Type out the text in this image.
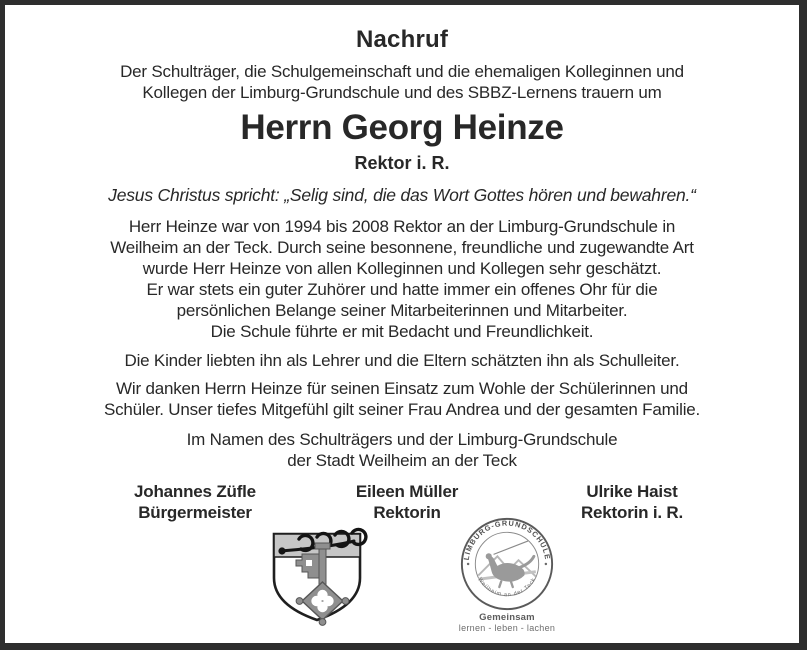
Nachruf
Der Schulträger, die Schulgemeinschaft und die ehemaligen Kolleginnen und
Kollegen der Limburg-Grundschule und des SBBZ-Lernens trauern um
Herrn Georg Heinze
Rektor i. R.
Jesus Christus spricht: „Selig sind, die das Wort Gottes hören und bewahren.“
Herr Heinze war von 1994 bis 2008 Rektor an der Limburg-Grundschule in
Weilheim an der Teck. Durch seine besonnene, freundliche und zugewandte Art
wurde Herr Heinze von allen Kolleginnen und Kollegen sehr geschätzt.
Er war stets ein guter Zuhörer und hatte immer ein offenes Ohr für die
persönlichen Belange seiner Mitarbeiterinnen und Mitarbeiter.
Die Schule führte er mit Bedacht und Freundlichkeit.
Die Kinder liebten ihn als Lehrer und die Eltern schätzten ihn als Schulleiter.
Wir danken Herrn Heinze für seinen Einsatz zum Wohle der Schülerinnen und
Schüler. Unser tiefes Mitgefühl gilt seiner Frau Andrea und der gesamten Familie.
Im Namen des Schulträgers und der Limburg-Grundschule
der Stadt Weilheim an der Teck
Johannes Züfle
Bürgermeister
Eileen Müller
Rektorin
Ulrike Haist
Rektorin i. R.
LIMBURG-GRUNDSCHULE
Weilheim an der Teck
Gemeinsam
lernen - leben - lachen
